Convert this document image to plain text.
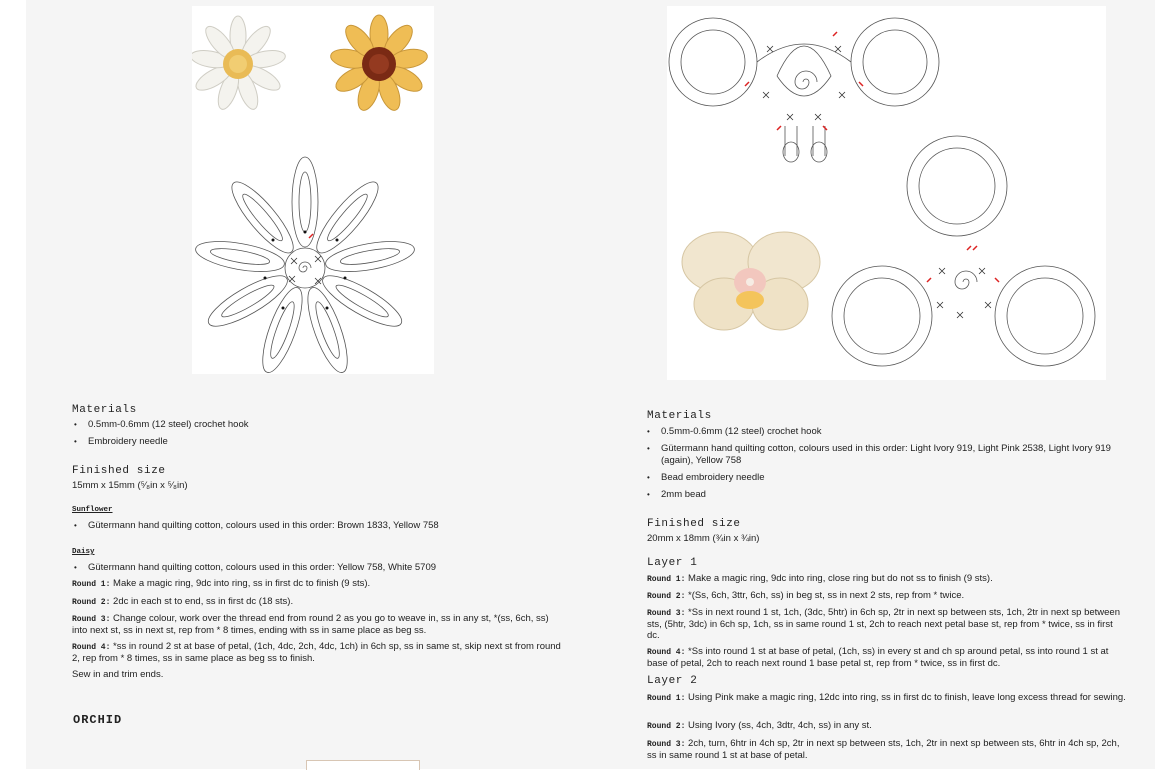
Materials
• 0.5mm-0.6mm (12 steel) crochet hook
• Embroidery needle
Finished size

15mm x 15mm (⁵⁄₈in x ⁵⁄₈in)

Sunflower

• Gütermann hand quilting cotton, colours used in this order: Brown 1833, Yellow 758

Daisy

• Gütermann hand quilting cotton, colours used in this order: Yellow 758, White 5709

Round 1: Make a magic ring, 9dc into ring, ss in first dc to finish (9 sts).

Round 2: 2dc in each st to end, ss in first dc (18 sts).

Round 3: Change colour, work over the thread end from round 2 as you go to weave in, ss in any st, *(ss, 6ch, ss) into next st, ss in next st, rep from * 8 times, ending with ss in same place as beg ss.

Round 4: *ss in round 2 st at base of petal, (1ch, 4dc, 2ch, 4dc, 1ch) in 6ch sp, ss in same st, skip next st from round 2, rep from * 8 times, ss in same place as beg ss to finish.

Sew in and trim ends.

ORCHID
Materials
• 0.5mm-0.6mm (12 steel) crochet hook
• Gütermann hand quilting cotton, colours used in this order: Light Ivory 919, Light Pink 2538, Light Ivory 919 (again), Yellow 758
• Bead embroidery needle
• 2mm bead
Finished size

20mm x 18mm (¾in x ¾in)

Layer 1

Round 1: Make a magic ring, 9dc into ring, close ring but do not ss to finish (9 sts).

Round 2: *(Ss, 6ch, 3ttr, 6ch, ss) in beg st, ss in next 2 sts, rep from * twice.

Round 3: *Ss in next round 1 st, 1ch, (3dc, 5htr) in 6ch sp, 2tr in next sp between sts, 1ch, 2tr in next sp between sts, (5htr, 3dc) in 6ch sp, 1ch, ss in same round 1 st, 2ch to reach next petal base st, rep from * twice, ss in first dc.

Round 4: *Ss into round 1 st at base of petal, (1ch, ss) in every st and ch sp around petal, ss into round 1 st at base of petal, 2ch to reach next round 1 base petal st, rep from * twice, ss in first dc.

Layer 2

Round 1: Using Pink make a magic ring, 12dc into ring, ss in first dc to finish, leave long excess thread for sewing.

Round 2: Using Ivory (ss, 4ch, 3dtr, 4ch, ss) in any st.

Round 3: 2ch, turn, 6htr in 4ch sp, 2tr in next sp between sts, 1ch, 2tr in next sp between sts, 6htr in 4ch sp, 2ch, ss in same round 1 st at base of petal.
